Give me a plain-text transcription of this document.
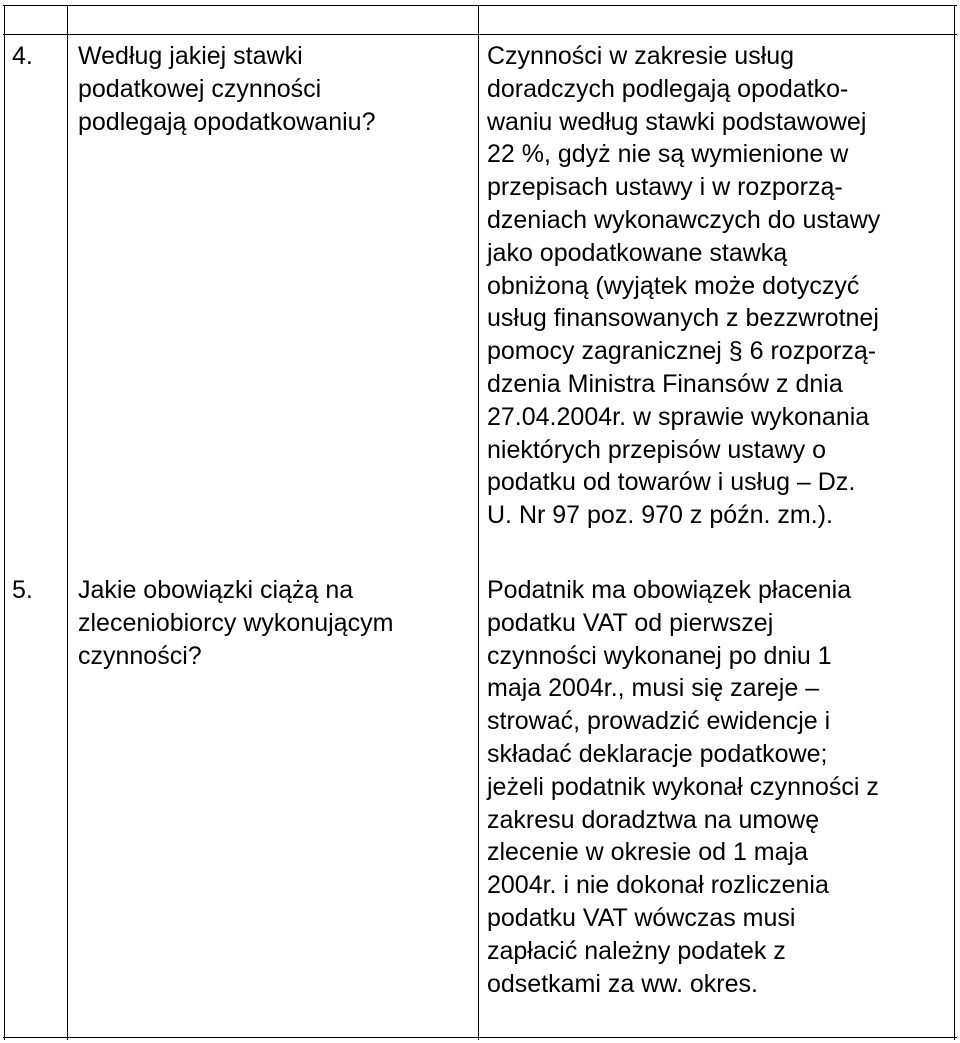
4. Według jakiej stawki
podatkowej czynności
podlegają opodatkowaniu?
Czynności w zakresie usług
doradczych podlegają opodatko-
waniu według stawki podstawowej
22 %, gdyż nie są wymienione w
przepisach ustawy i w rozporzą-
dzeniach wykonawczych do ustawy
jako opodatkowane stawką
obniżoną (wyjątek może dotyczyć
usług finansowanych z bezzwrotnej
pomocy zagranicznej § 6 rozporzą-
dzenia Ministra Finansów z dnia
27.04.2004r. w sprawie wykonania
niektórych przepisów ustawy o
podatku od towarów i usług – Dz.
U. Nr 97 poz. 970 z późn. zm.).
5. Jakie obowiązki ciążą na
zleceniobiorcy wykonującym
czynności?
Podatnik ma obowiązek płacenia
podatku VAT od pierwszej
czynności wykonanej po dniu 1
maja 2004r., musi się zareje –
strować, prowadzić ewidencje i
składać deklaracje podatkowe;
jeżeli podatnik wykonał czynności z
zakresu doradztwa na umowę
zlecenie w okresie od 1 maja
2004r. i nie dokonał rozliczenia
podatku VAT wówczas musi
zapłacić należny podatek z
odsetkami za ww. okres.
